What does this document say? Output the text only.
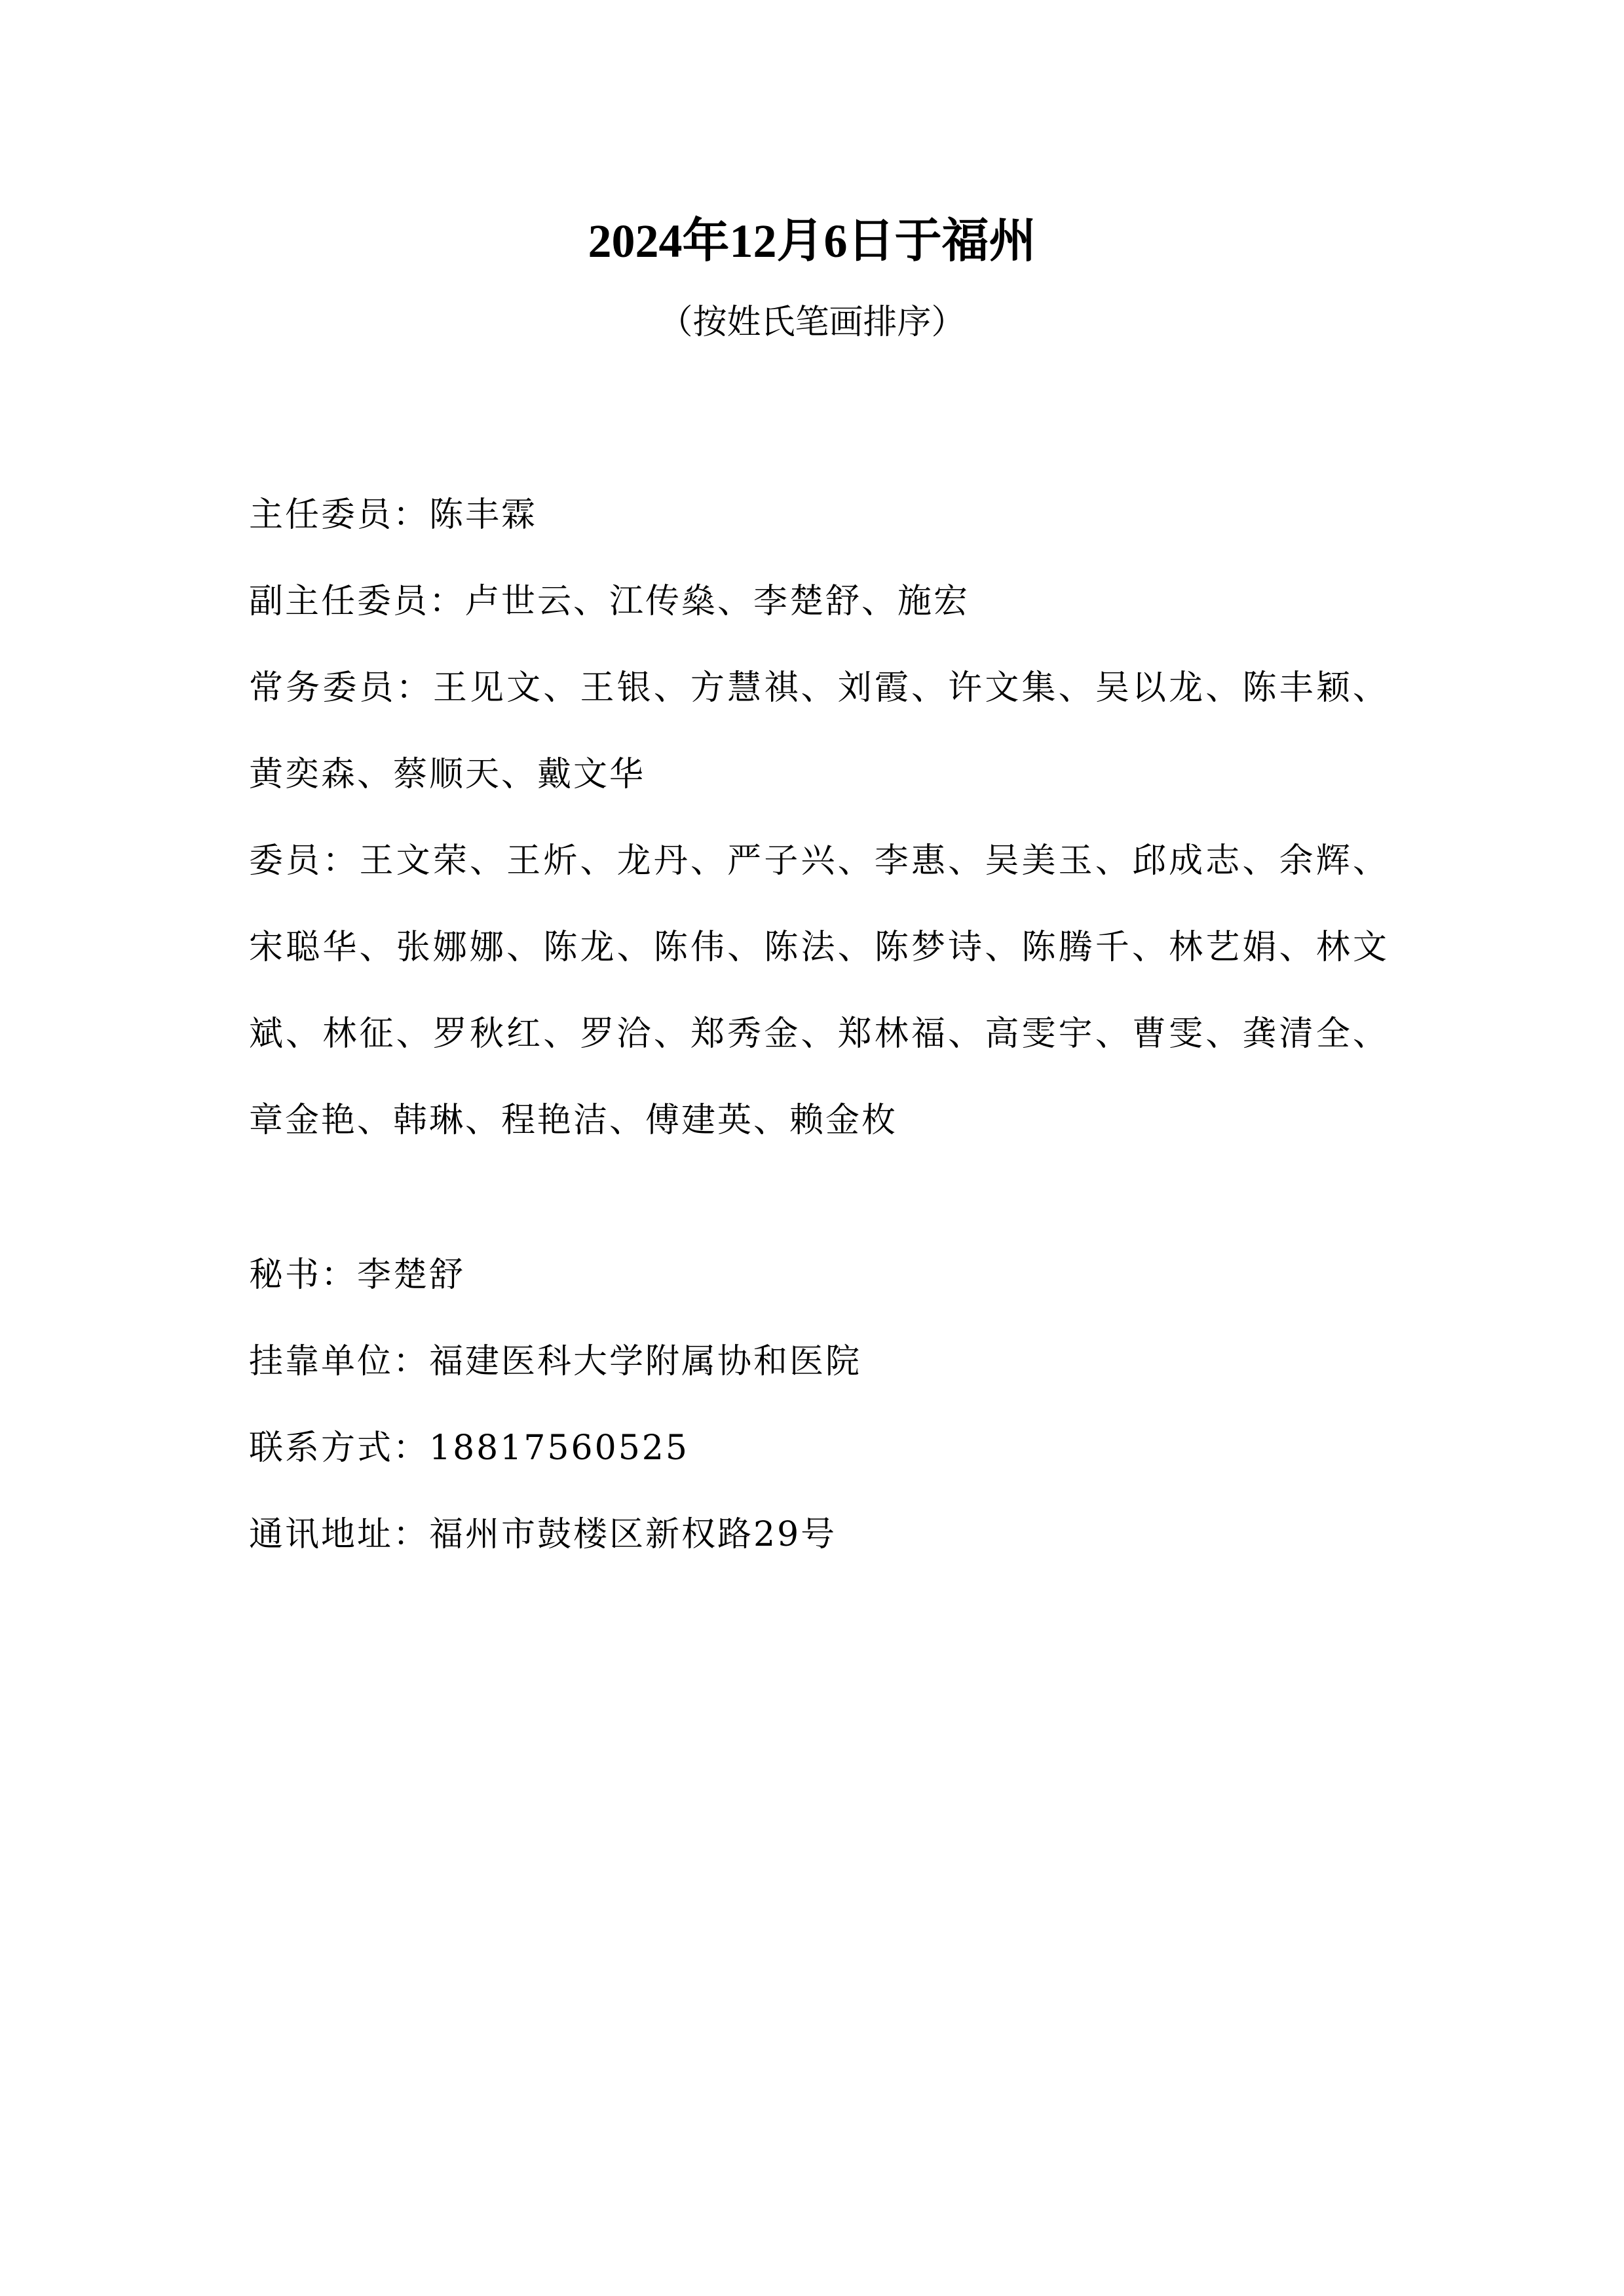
2024年12月6日于福州

（按姓氏笔画排序）

主任委员：陈丰霖
副主任委员：卢世云、江传燊、李楚舒、施宏
常务委员：王见文、王银、方慧祺、刘霞、许文集、吴以龙、陈丰颖、黄奕森、蔡顺天、戴文华
委员：王文荣、王炘、龙丹、严子兴、李惠、吴美玉、邱成志、余辉、宋聪华、张娜娜、陈龙、陈伟、陈法、陈梦诗、陈腾千、林艺娟、林文斌、林征、罗秋红、罗洽、郑秀金、郑林福、高雯宇、曹雯、龚清全、章金艳、韩琳、程艳洁、傅建英、赖金枚
秘书：李楚舒
挂靠单位：福建医科大学附属协和医院
联系方式：18817560525
通讯地址：福州市鼓楼区新权路29号
